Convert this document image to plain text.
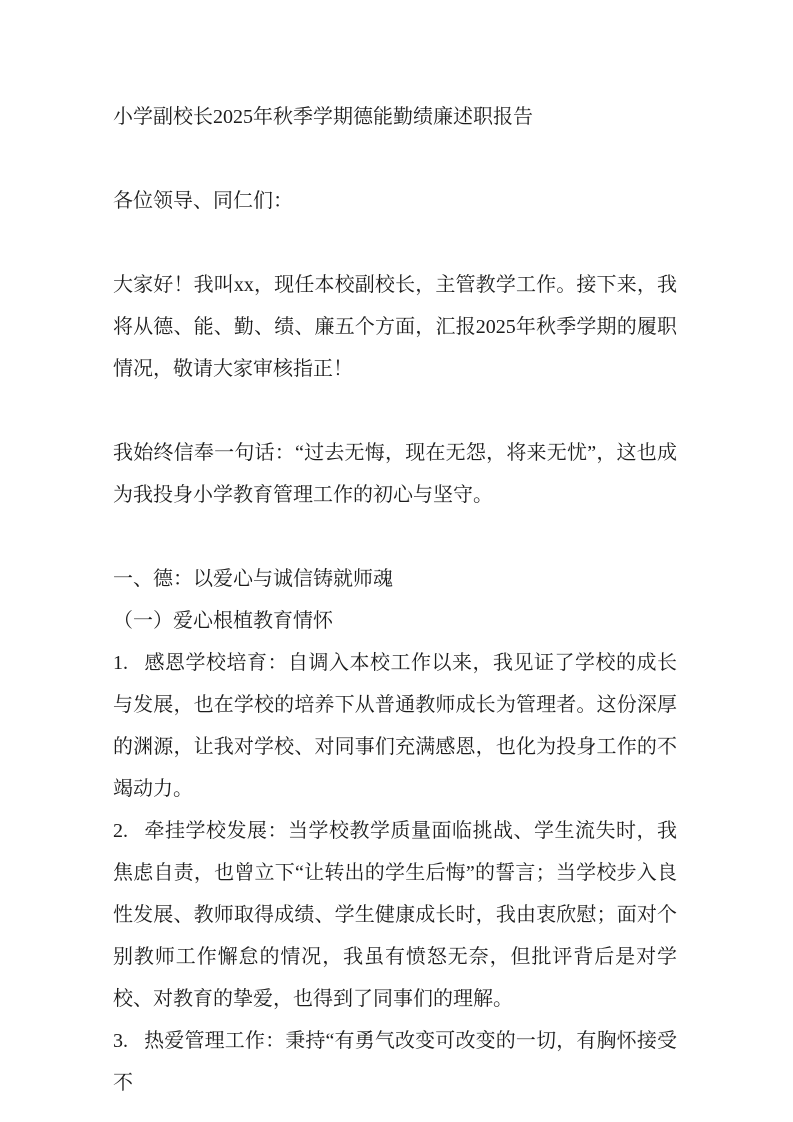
小学副校长2025年秋季学期德能勤绩廉述职报告

各位领导、同仁们：

大家好！我叫xx，现任本校副校长，主管教学工作。接下来，我将从德、能、勤、绩、廉五个方面，汇报2025年秋季学期的履职情况，敬请大家审核指正！

我始终信奉一句话：“过去无悔，现在无怨，将来无忧”，这也成为我投身小学教育管理工作的初心与坚守。

一、德：以爱心与诚信铸就师魂

（一）爱心根植教育情怀

1. 感恩学校培育：自调入本校工作以来，我见证了学校的成长与发展，也在学校的培养下从普通教师成长为管理者。这份深厚的渊源，让我对学校、对同事们充满感恩，也化为投身工作的不竭动力。

2. 牵挂学校发展：当学校教学质量面临挑战、学生流失时，我焦虑自责，也曾立下“让转出的学生后悔”的誓言；当学校步入良性发展、教师取得成绩、学生健康成长时，我由衷欣慰；面对个别教师工作懈怠的情况，我虽有愤怒无奈，但批评背后是对学校、对教育的挚爱，也得到了同事们的理解。

3. 热爱管理工作：秉持“有勇气改变可改变的一切，有胸怀接受不
